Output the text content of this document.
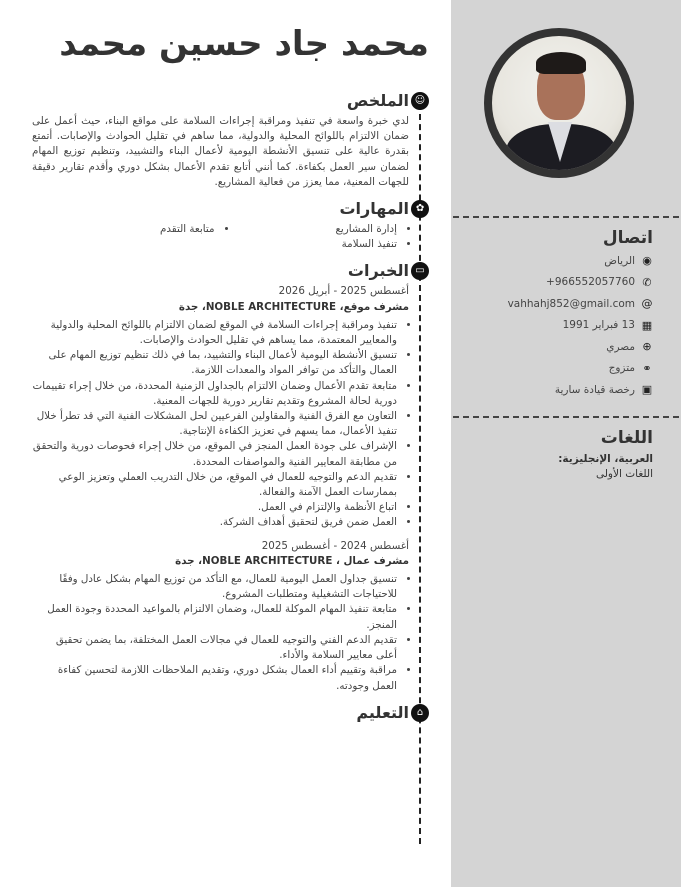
محمد جاد حسين محمد
☺
الملخص
لدي خبرة واسعة في تنفيذ ومراقبة إجراءات السلامة على مواقع البناء، حيث أعمل على ضمان الالتزام باللوائح المحلية والدولية، مما ساهم في تقليل الحوادث والإصابات. أتمتع بقدرة عالية على تنسيق الأنشطة اليومية لأعمال البناء والتشييد، وتنظيم توزيع المهام لضمان سير العمل بكفاءة. كما أنني أتابع تقدم الأعمال بشكل دوري وأقدم تقارير دقيقة للجهات المعنية، مما يعزز من فعالية المشاريع.
✿
المهارات
• إدارة المشاريع
• متابعة التقدم
• تنفيذ السلامة
▭
الخبرات
أغسطس 2025 - أبريل 2026
مشرف موقع، NOBLE ARCHITECTURE، جدة
• تنفيذ ومراقبة إجراءات السلامة في الموقع لضمان الالتزام باللوائح المحلية والدولية والمعايير المعتمدة، مما يساهم في تقليل الحوادث والإصابات.
• تنسيق الأنشطة اليومية لأعمال البناء والتشييد، بما في ذلك تنظيم توزيع المهام على العمال والتأكد من توافر المواد والمعدات اللازمة.
• متابعة تقدم الأعمال وضمان الالتزام بالجداول الزمنية المحددة، من خلال إجراء تقييمات دورية لحالة المشروع وتقديم تقارير دورية للجهات المعنية.
• التعاون مع الفرق الفنية والمقاولين الفرعيين لحل المشكلات الفنية التي قد تطرأ خلال تنفيذ الأعمال، مما يسهم في تعزيز الكفاءة الإنتاجية.
• الإشراف على جودة العمل المنجز في الموقع، من خلال إجراء فحوصات دورية والتحقق من مطابقة المعايير الفنية والمواصفات المحددة.
• تقديم الدعم والتوجيه للعمال في الموقع، من خلال التدريب العملي وتعزيز الوعي بممارسات العمل الآمنة والفعالة.
• اتباع الأنظمة والإلتزام في العمل.
• العمل ضمن فريق لتحقيق أهداف الشركة.
أغسطس 2024 - أغسطس 2025
مشرف عمال ، NOBLE ARCHITECTURE، جدة
• تنسيق جداول العمل اليومية للعمال، مع التأكد من توزيع المهام بشكل عادل وفقًا للاحتياجات التشغيلية ومتطلبات المشروع.
• متابعة تنفيذ المهام الموكلة للعمال، وضمان الالتزام بالمواعيد المحددة وجودة العمل المنجز.
• تقديم الدعم الفني والتوجيه للعمال في مجالات العمل المختلفة، بما يضمن تحقيق أعلى معايير السلامة والأداء.
• مراقبة وتقييم أداء العمال بشكل دوري، وتقديم الملاحظات اللازمة لتحسين كفاءة العمل وجودته.
⌂
التعليم
اتصال
◉
الرياض
✆
+966552057760
@
vahhahj852@gmail.com
▦
13 فبراير 1991
⊕
مصري
⚭
متزوج
▣
رخصة قيادة سارية
اللغات
العربية، الإنجليزية:
اللغات الأولى
